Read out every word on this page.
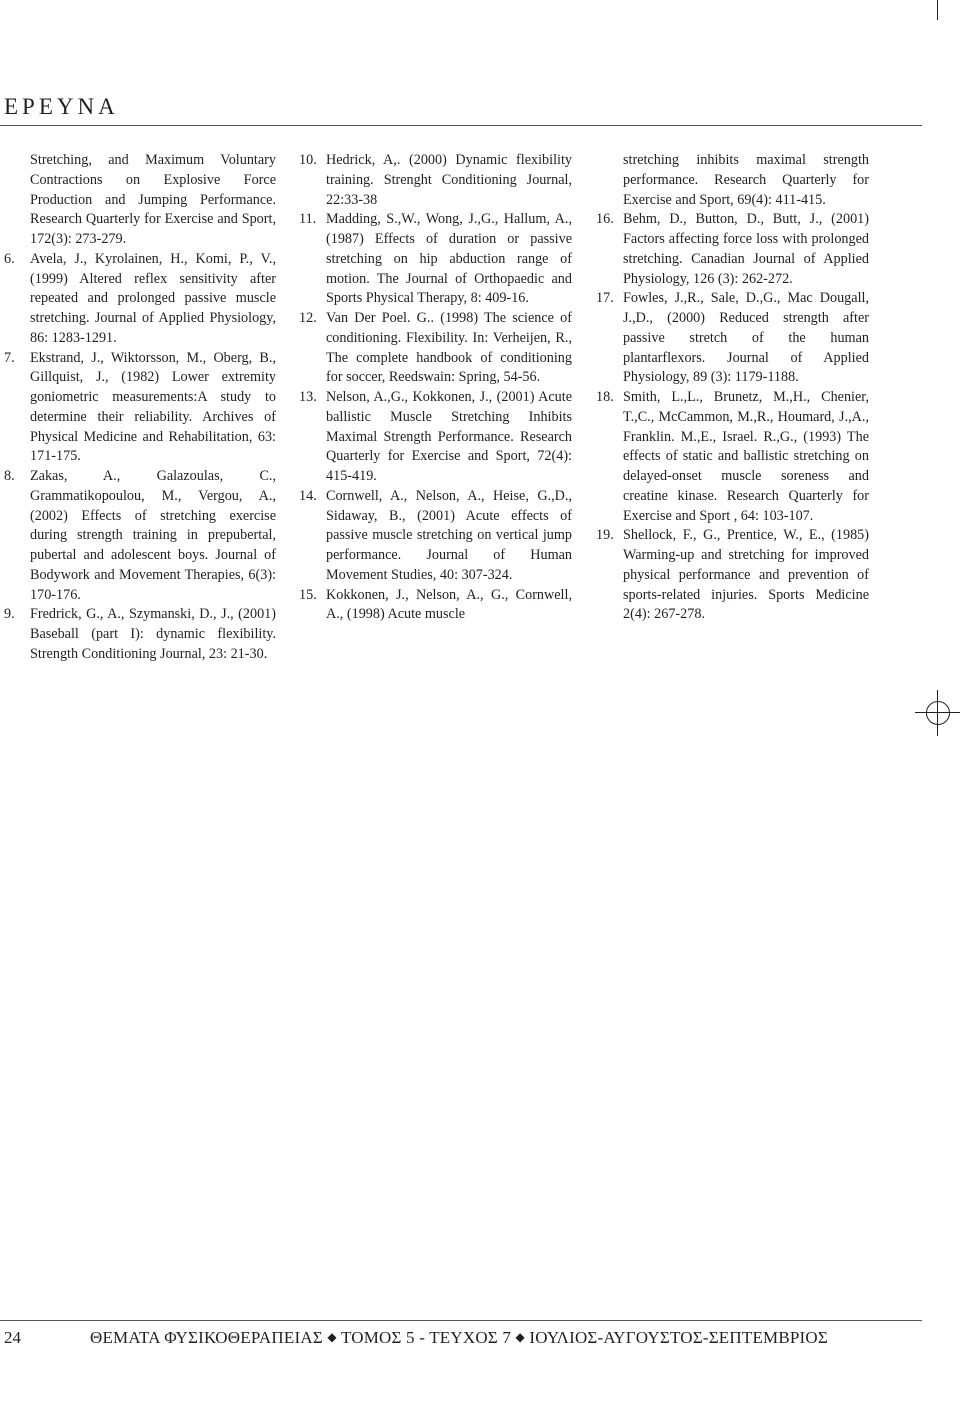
ΕΡΕΥΝΑ

Stretching, and Maximum Voluntary Contractions on Explosive Force Production and Jumping Performance. Research Quarterly for Exercise and Sport, 172(3): 273-279.

6. Avela, J., Kyrolainen, H., Komi, P., V., (1999) Altered reflex sensitivity after repeated and prolonged passive muscle stretching. Journal of Applied Physiology, 86: 1283-1291.

7. Ekstrand, J., Wiktorsson, M., Oberg, B., Gillquist, J., (1982) Lower extremity goniometric measurements:A study to determine their reliability. Archives of Physical Medicine and Rehabilitation, 63: 171-175.

8. Zakas, A., Galazoulas, C., Grammatikopoulou, M., Vergou, A., (2002) Effects of stretching exercise during strength training in prepubertal, pubertal and adolescent boys. Journal of Bodywork and Movement Therapies, 6(3): 170-176.

9. Fredrick, G., A., Szymanski, D., J., (2001) Baseball (part I): dynamic flexibility. Strength Conditioning Journal, 23: 21-30.

10. Hedrick, A,. (2000) Dynamic flexibility training. Strenght Conditioning Journal, 22:33-38

11. Madding, S.,W., Wong, J.,G., Hallum, A., (1987) Effects of duration or passive stretching on hip abduction range of motion. The Journal of Orthopaedic and Sports Physical Therapy, 8: 409-16.

12. Van Der Poel. G.. (1998) The science of conditioning. Flexibility. In: Verheijen, R., The complete handbook of conditioning for soccer, Reedswain: Spring, 54-56.

13. Nelson, A.,G., Kokkonen, J., (2001) Acute ballistic Muscle Stretching Inhibits Maximal Strength Performance. Research Quarterly for Exercise and Sport, 72(4): 415-419.

14. Cornwell, A., Nelson, A., Heise, G.,D., Sidaway, B., (2001) Acute effects of passive muscle stretching on vertical jump performance. Journal of Human Movement Studies, 40: 307-324.

15. Kokkonen, J., Nelson, A., G., Cornwell, A., (1998) Acute muscle

stretching inhibits maximal strength performance. Research Quarterly for Exercise and Sport, 69(4): 411-415.

16. Behm, D., Button, D., Butt, J., (2001) Factors affecting force loss with prolonged stretching. Canadian Journal of Applied Physiology, 126 (3): 262-272.

17. Fowles, J.,R., Sale, D.,G., Mac Dougall, J.,D., (2000) Reduced strength after passive stretch of the human plantarflexors. Journal of Applied Physiology, 89 (3): 1179-1188.

18. Smith, L.,L., Brunetz, M.,H., Chenier, T.,C., McCammon, M.,R., Houmard, J.,A., Franklin. M.,E., Israel. R.,G., (1993) The effects of static and ballistic stretching on delayed-onset muscle soreness and creatine kinase. Research Quarterly for Exercise and Sport , 64: 103-107.

19. Shellock, F., G., Prentice, W., E., (1985) Warming-up and stretching for improved physical performance and prevention of sports-related injuries. Sports Medicine 2(4): 267-278.

24	ΘΕΜΑΤΑ ΦΥΣΙΚΟΘΕΡΑΠΕΙΑΣ ◆ ΤΟΜΟΣ 5 - ΤΕΥΧΟΣ 7 ◆ ΙΟΥΛΙΟΣ-ΑΥΓΟΥΣΤΟΣ-ΣΕΠΤΕΜΒΡΙΟΣ
